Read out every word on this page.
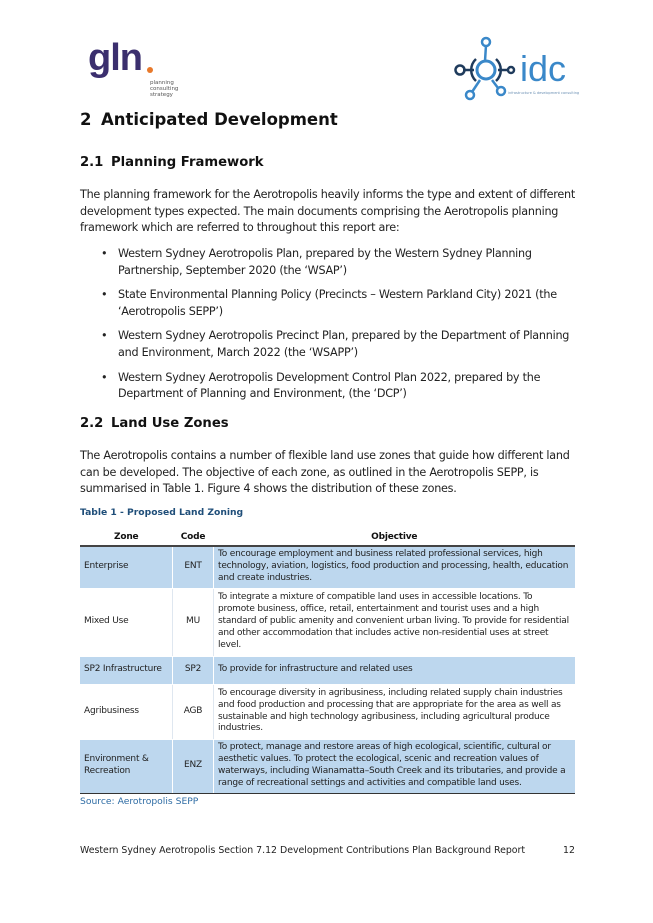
gln
planning
consulting
strategy
idc
infrastructure & development consulting
2 Anticipated Development
2.1 Planning Framework

The planning framework for the Aerotropolis heavily informs the type and extent of different development types expected. The main documents comprising the Aerotropolis planning framework which are referred to throughout this report are:

• Western Sydney Aerotropolis Plan, prepared by the Western Sydney Planning Partnership, September 2020 (the ‘WSAP’)
• State Environmental Planning Policy (Precincts – Western Parkland City) 2021 (the ‘Aerotropolis SEPP’)
• Western Sydney Aerotropolis Precinct Plan, prepared by the Department of Planning and Environment, March 2022 (the ‘WSAPP’)
• Western Sydney Aerotropolis Development Control Plan 2022, prepared by the Department of Planning and Environment, (the ‘DCP’)
2.2 Land Use Zones

The Aerotropolis contains a number of flexible land use zones that guide how different land can be developed. The objective of each zone, as outlined in the Aerotropolis SEPP, is summarised in Table 1. Figure 4 shows the distribution of these zones.

Table 1 - Proposed Land Zoning
Zone	Code	Objective
Enterprise	ENT	To encourage employment and business related professional services, high technology, aviation, logistics, food production and processing, health, education and create industries.
Mixed Use	MU	To integrate a mixture of compatible land uses in accessible locations. To promote business, office, retail, entertainment and tourist uses and a high standard of public amenity and convenient urban living. To provide for residential and other accommodation that includes active non-residential uses at street level.
SP2 Infrastructure	SP2	To provide for infrastructure and related uses
Agribusiness	AGB	To encourage diversity in agribusiness, including related supply chain industries and food production and processing that are appropriate for the area as well as sustainable and high technology agribusiness, including agricultural produce industries.
Environment & Recreation	ENZ	To protect, manage and restore areas of high ecological, scientific, cultural or aesthetic values. To protect the ecological, scenic and recreation values of waterways, including Wianamatta–South Creek and its tributaries, and provide a range of recreational settings and activities and compatible land uses.
Source: Aerotropolis SEPP
Western Sydney Aerotropolis Section 7.12 Development Contributions Plan Background Report	12
